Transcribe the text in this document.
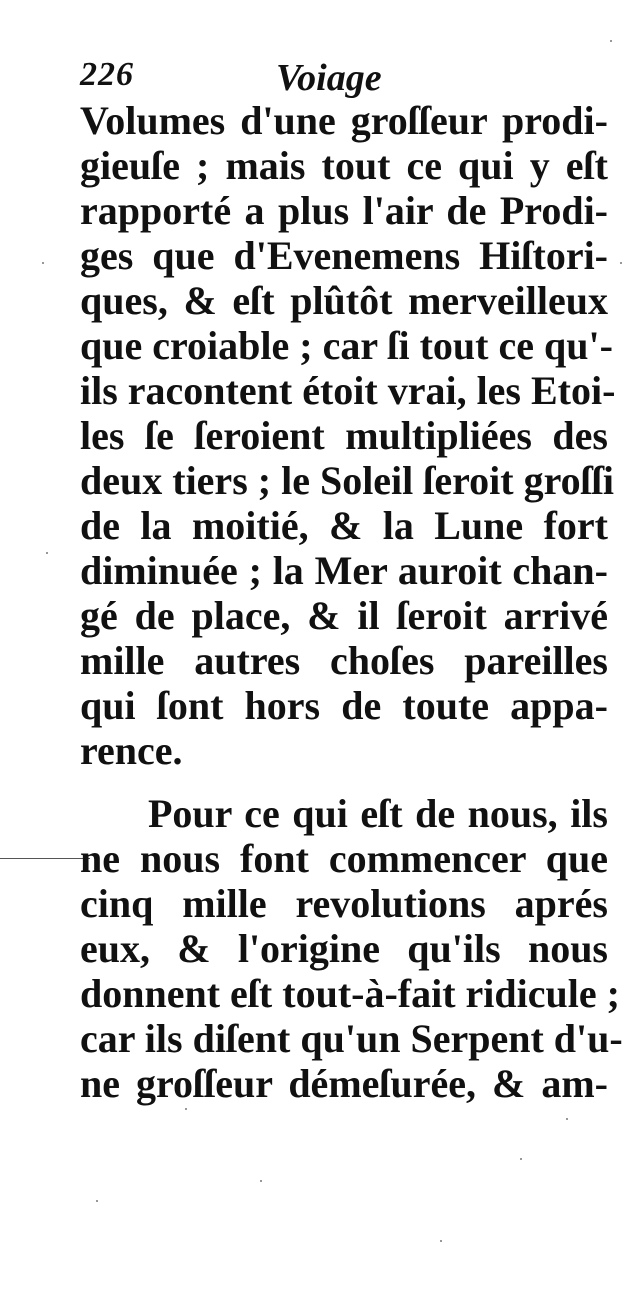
226	Voiage
Volumes d'une groſſeur prodi-
gieuſe ; mais tout ce qui y eſt
rapporté a plus l'air de Prodi-
ges que d'Evenemens Hiſtori-
ques, & eſt plûtôt merveilleux
que croiable ; car ſi tout ce qu'-
ils racontent étoit vrai, les Etoi-
les ſe ſeroient multipliées des
deux tiers ; le Soleil ſeroit groſſi
de la moitié, & la Lune fort
diminuée ; la Mer auroit chan-
gé de place, & il ſeroit arrivé
mille autres choſes pareilles
qui ſont hors de toute appa-
rence.
Pour ce qui eſt de nous, ils
ne nous font commencer que
cinq mille revolutions aprés
eux, & l'origine qu'ils nous
donnent eſt tout-à-fait ridicule ;
car ils diſent qu'un Serpent d'u-
ne groſſeur démeſurée, & am-
